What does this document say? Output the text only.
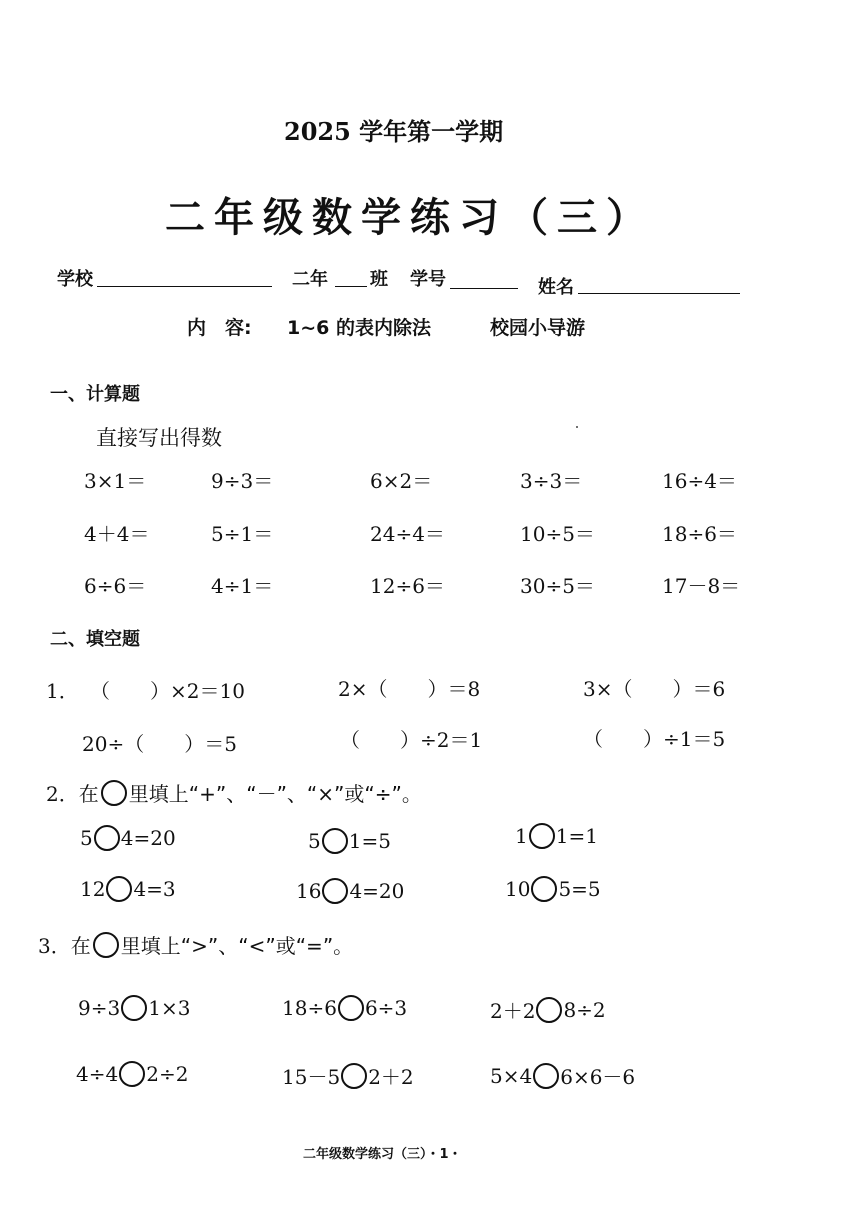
2025 学年第一学期
二年级数学练习（三）
学校	二年 班 学号	姓名
内　容: 1~6 的表内除法	校园小导游
一、计算题
直接写出得数
3×1＝	9÷3＝	6×2＝	3÷3＝	16÷4＝
4＋4＝	5÷1＝	24÷4＝	10÷5＝	18÷6＝
6÷6＝	4÷1＝	12÷6＝	30÷5＝	17－8＝
二、填空题
1． （　　）×2＝10	2×（　　）＝8	3×（　　）＝6
20÷（　　）＝5	（　　）÷2＝1	（　　）÷1＝5
2． 在 里填上“+”、“－”、“×”或“÷”。
5 4=20	5 1=5	1 1=1
12 4=3	16 4=20	10 5=5
3． 在 里填上“>”、“<”或“=”。
9÷3 1×3	18÷6 6÷3	2＋2 8÷2
4÷4 2÷2	15－5 2＋2	5×4 6×6－6
二年级数学练习（三）・1・
